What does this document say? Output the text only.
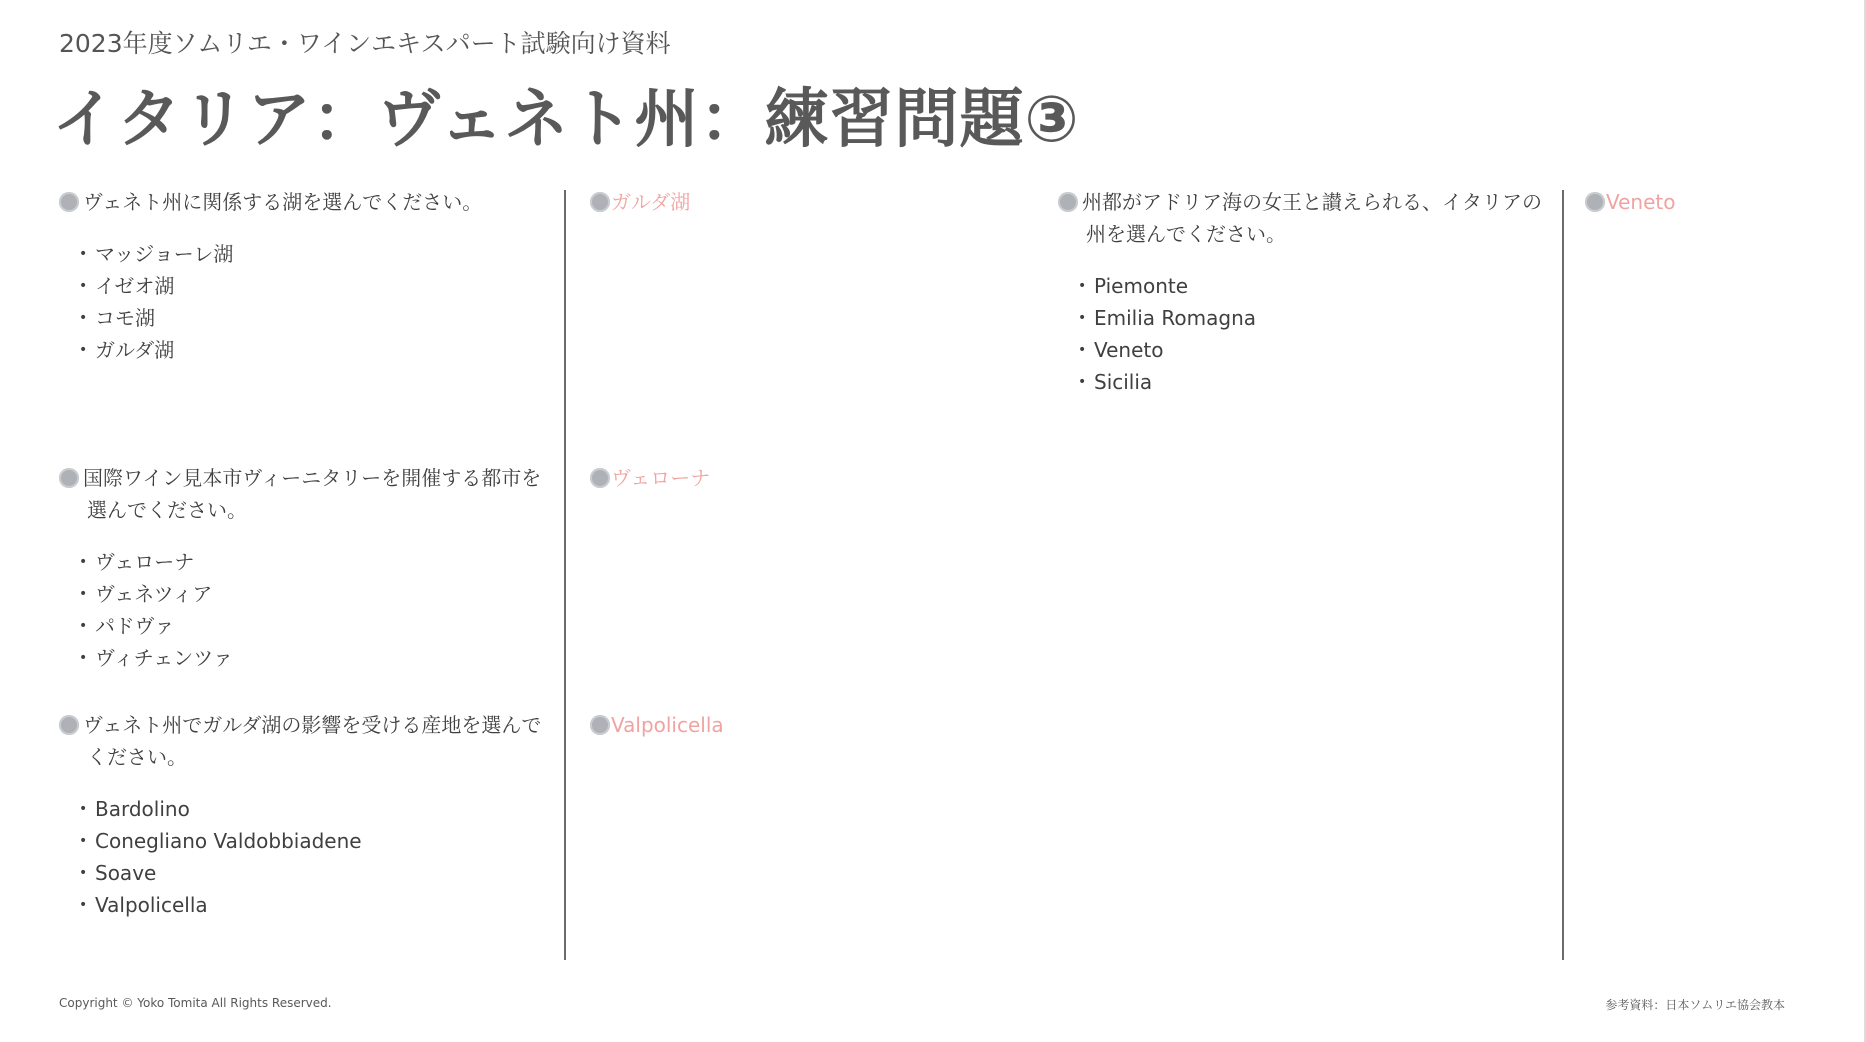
2023年度ソムリエ・ワインエキスパート試験向け資料
イタリア：ヴェネト州：練習問題③
ヴェネト州に関係する湖を選んでください。
• マッジョーレ湖
• イゼオ湖
• コモ湖
• ガルダ湖
ガルダ湖
国際ワイン見本市ヴィーニタリーを開催する都市を選んでください。
• ヴェローナ
• ヴェネツィア
• パドヴァ
• ヴィチェンツァ
ヴェローナ
ヴェネト州でガルダ湖の影響を受ける産地を選んでください。
• Bardolino
• Conegliano Valdobbiadene
• Soave
• Valpolicella
Valpolicella
州都がアドリア海の女王と讃えられる、イタリアの州を選んでください。
• Piemonte
• Emilia Romagna
• Veneto
• Sicilia
Veneto
Copyright © Yoko Tomita All Rights Reserved.	参考資料：日本ソムリエ協会教本
